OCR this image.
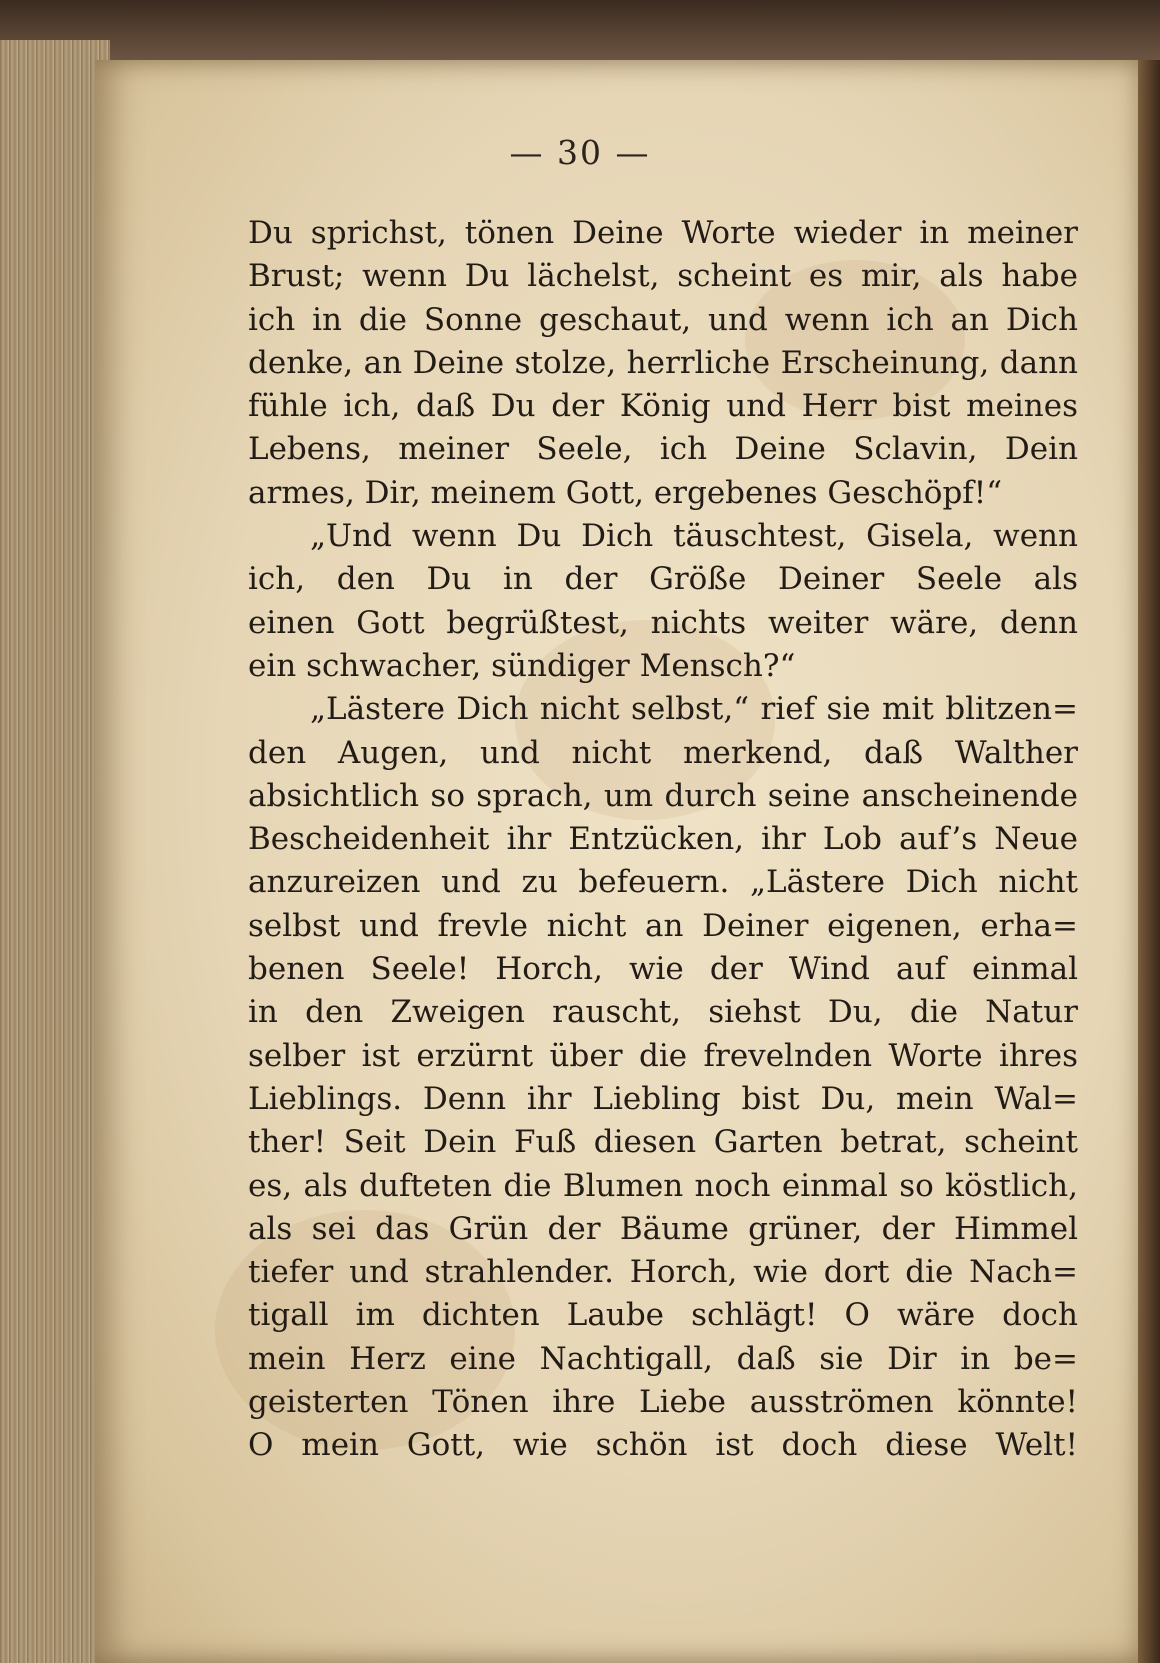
— 30 —
Du sprichst, tönen Deine Worte wieder in meiner
Brust; wenn Du lächelst, scheint es mir, als habe
ich in die Sonne geschaut, und wenn ich an Dich
denke, an Deine stolze, herrliche Erscheinung, dann
fühle ich, daß Du der König und Herr bist meines
Lebens, meiner Seele, ich Deine Sclavin, Dein
armes, Dir, meinem Gott, ergebenes Geschöpf!“
„Und wenn Du Dich täuschtest, Gisela, wenn
ich, den Du in der Größe Deiner Seele als
einen Gott begrüßtest, nichts weiter wäre, denn
ein schwacher, sündiger Mensch?“
„Lästere Dich nicht selbst,“ rief sie mit blitzen=
den Augen, und nicht merkend, daß Walther
absichtlich so sprach, um durch seine anscheinende
Bescheidenheit ihr Entzücken, ihr Lob auf’s Neue
anzureizen und zu befeuern. „Lästere Dich nicht
selbst und frevle nicht an Deiner eigenen, erha=
benen Seele! Horch, wie der Wind auf einmal
in den Zweigen rauscht, siehst Du, die Natur
selber ist erzürnt über die frevelnden Worte ihres
Lieblings. Denn ihr Liebling bist Du, mein Wal=
ther! Seit Dein Fuß diesen Garten betrat, scheint
es, als dufteten die Blumen noch einmal so köstlich,
als sei das Grün der Bäume grüner, der Himmel
tiefer und strahlender. Horch, wie dort die Nach=
tigall im dichten Laube schlägt! O wäre doch
mein Herz eine Nachtigall, daß sie Dir in be=
geisterten Tönen ihre Liebe ausströmen könnte!
O mein Gott, wie schön ist doch diese Welt!
